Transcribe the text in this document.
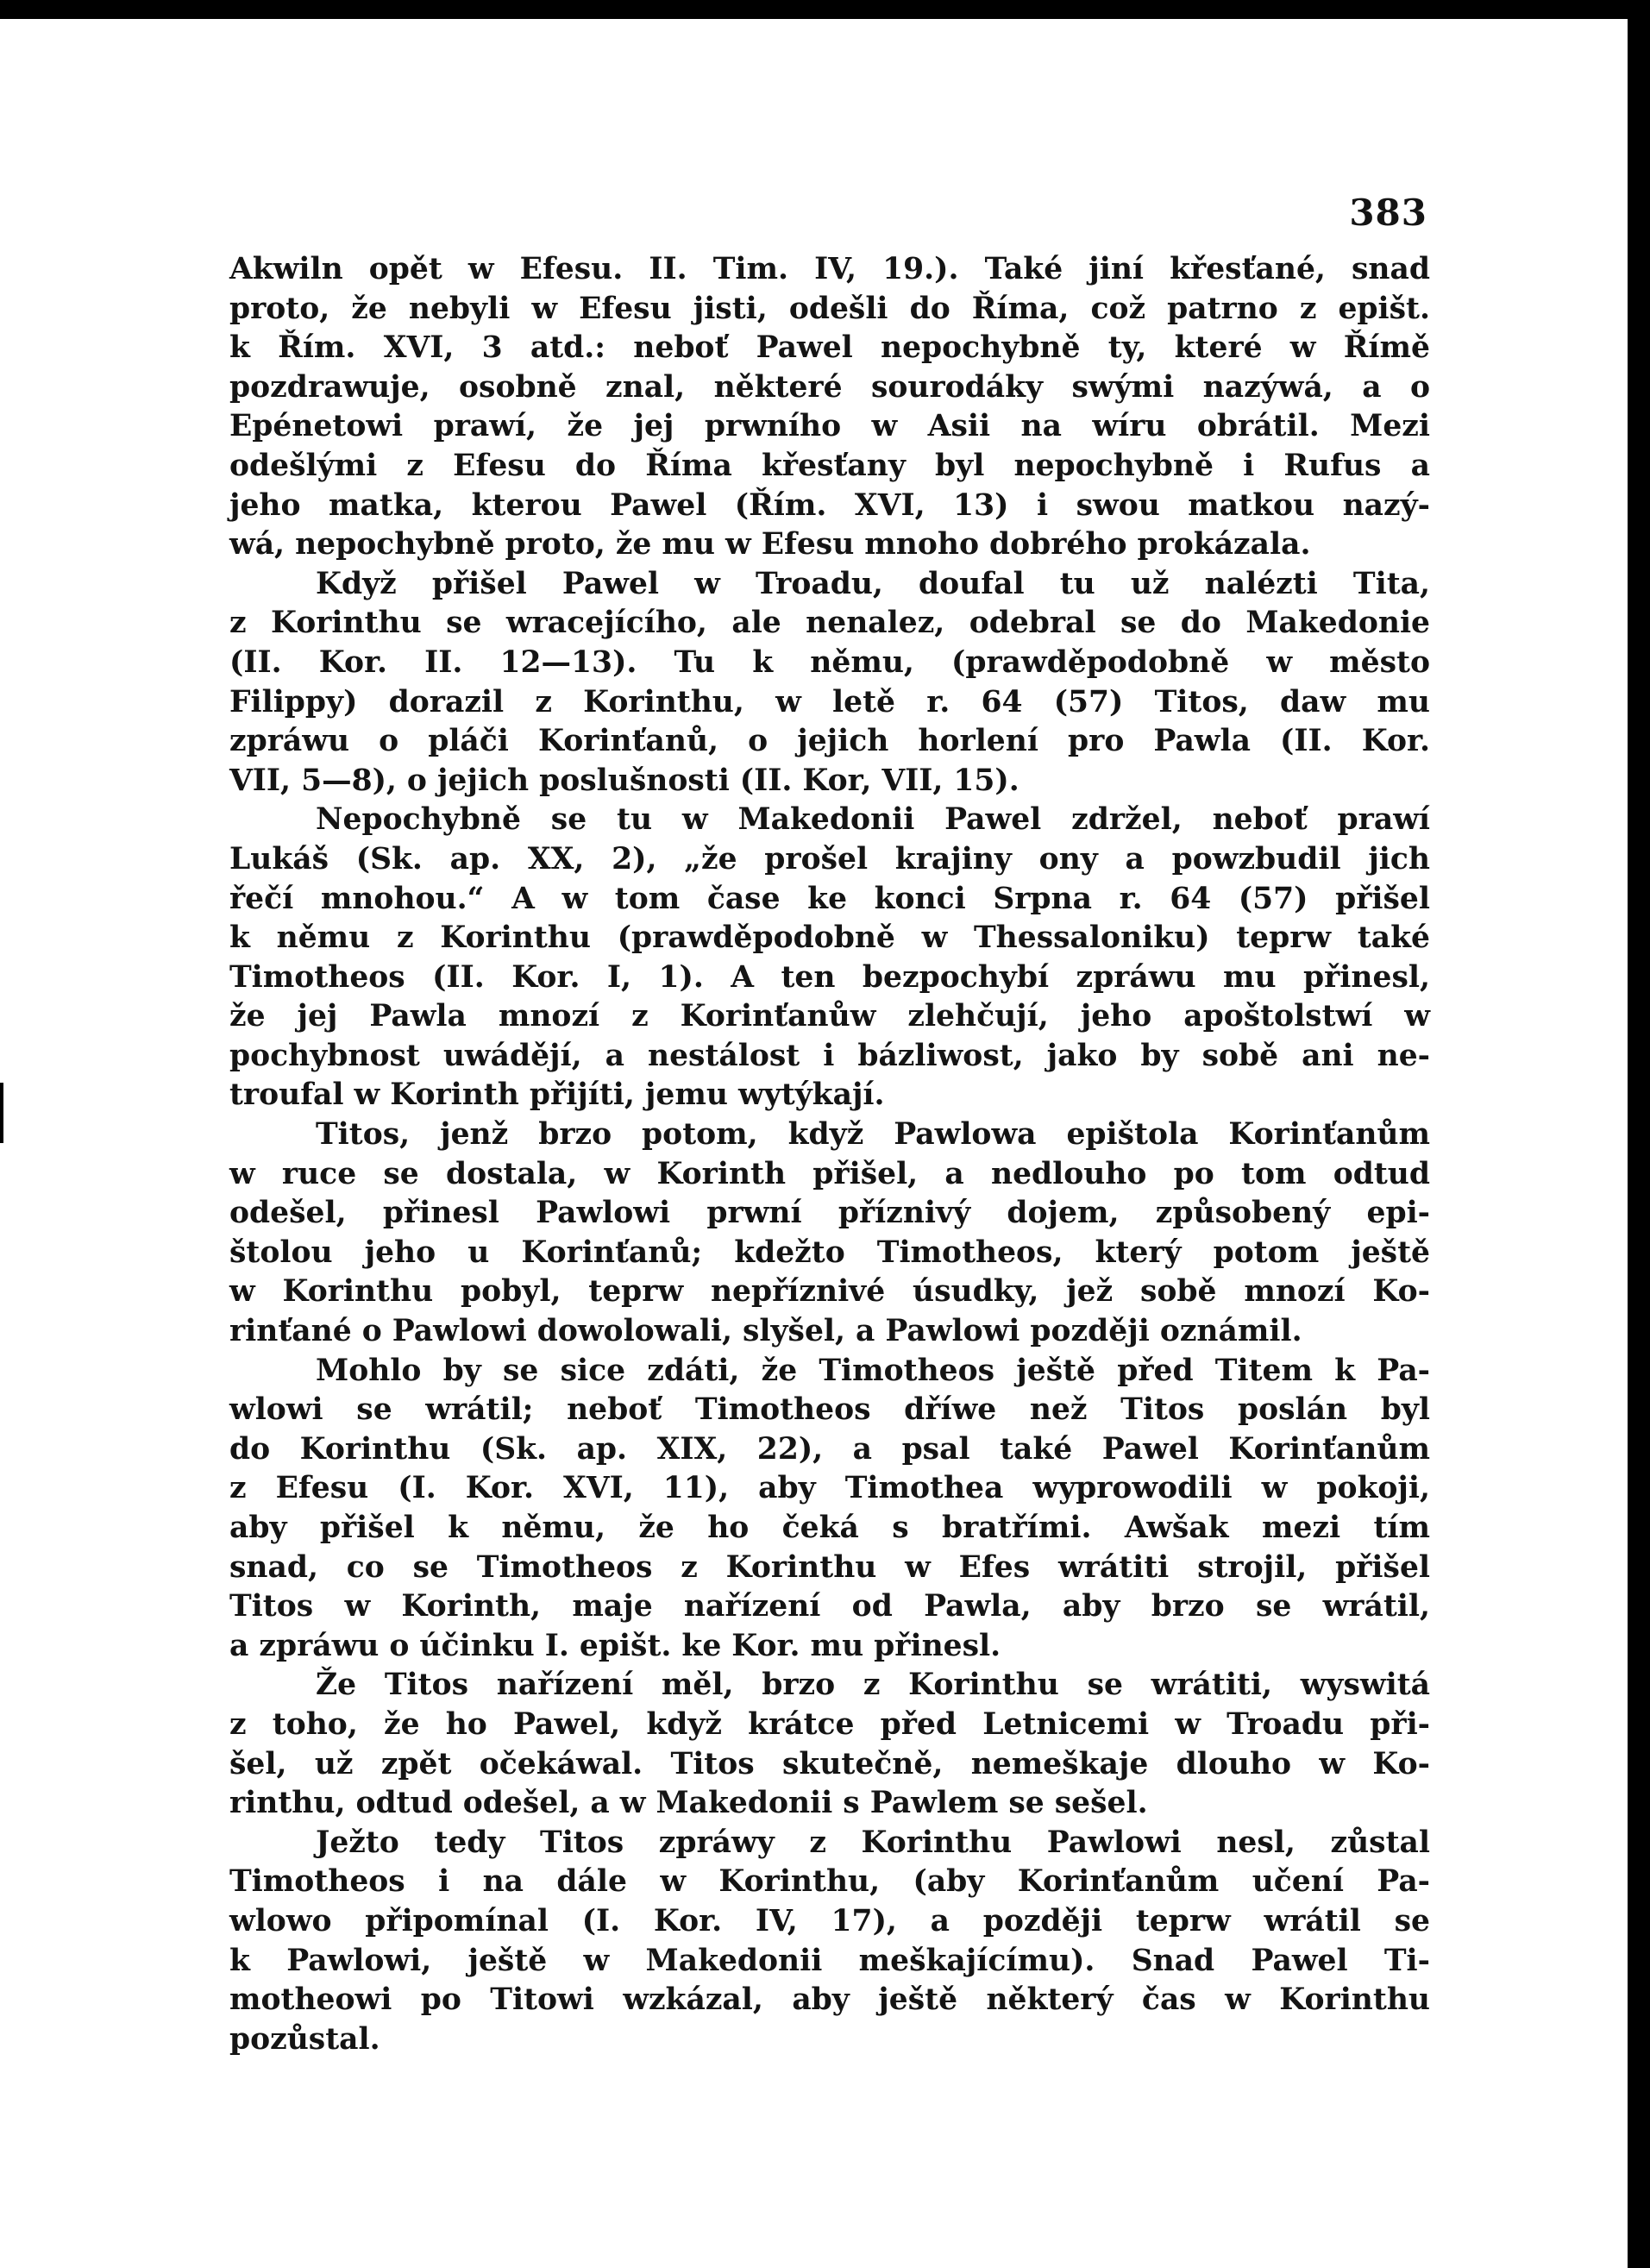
383
Akwiln opět w Efesu. II. Tim. IV, 19.). Také jiní křesťané, snad
proto, že nebyli w Efesu jisti, odešli do Říma, což patrno z epišt.
k Řím. XVI, 3 atd.: neboť Pawel nepochybně ty, které w Římě
pozdrawuje, osobně znal, některé sourodáky swými nazýwá, a o
Epénetowi prawí, že jej prwního w Asii na wíru obrátil. Mezi
odešlými z Efesu do Říma křesťany byl nepochybně i Rufus a
jeho matka, kterou Pawel (Řím. XVI, 13) i swou matkou nazý-
wá, nepochybně proto, že mu w Efesu mnoho dobrého prokázala.
Když přišel Pawel w Troadu, doufal tu už nalézti Tita,
z Korinthu se wracejícího, ale nenalez, odebral se do Makedonie
(II. Kor. II. 12—13). Tu k němu, (prawděpodobně w město
Filippy) dorazil z Korinthu, w letě r. 64 (57) Titos, daw mu
zpráwu o pláči Korinťanů, o jejich horlení pro Pawla (II. Kor.
VII, 5—8), o jejich poslušnosti (II. Kor, VII, 15).
Nepochybně se tu w Makedonii Pawel zdržel, neboť prawí
Lukáš (Sk. ap. XX, 2), „že prošel krajiny ony a powzbudil jich
řečí mnohou.“ A w tom čase ke konci Srpna r. 64 (57) přišel
k němu z Korinthu (prawděpodobně w Thessaloniku) teprw také
Timotheos (II. Kor. I, 1). A ten bezpochybí zpráwu mu přinesl,
že jej Pawla mnozí z Korinťanůw zlehčují, jeho apoštolstwí w
pochybnost uwádějí, a nestálost i bázliwost, jako by sobě ani ne-
troufal w Korinth přijíti, jemu wytýkají.
Titos, jenž brzo potom, když Pawlowa epištola Korinťanům
w ruce se dostala, w Korinth přišel, a nedlouho po tom odtud
odešel, přinesl Pawlowi prwní příznivý dojem, způsobený epi-
štolou jeho u Korinťanů; kdežto Timotheos, který potom ještě
w Korinthu pobyl, teprw nepříznivé úsudky, jež sobě mnozí Ko-
rinťané o Pawlowi dowolowali, slyšel, a Pawlowi později oznámil.
Mohlo by se sice zdáti, že Timotheos ještě před Titem k Pa-
wlowi se wrátil; neboť Timotheos dříwe než Titos poslán byl
do Korinthu (Sk. ap. XIX, 22), a psal také Pawel Korinťanům
z Efesu (I. Kor. XVI, 11), aby Timothea wyprowodili w pokoji,
aby přišel k němu, že ho čeká s bratřími. Awšak mezi tím
snad, co se Timotheos z Korinthu w Efes wrátiti strojil, přišel
Titos w Korinth, maje nařízení od Pawla, aby brzo se wrátil,
a zpráwu o účinku I. epišt. ke Kor. mu přinesl.
Že Titos nařízení měl, brzo z Korinthu se wrátiti, wyswitá
z toho, že ho Pawel, když krátce před Letnicemi w Troadu při-
šel, už zpět očekáwal. Titos skutečně, nemeškaje dlouho w Ko-
rinthu, odtud odešel, a w Makedonii s Pawlem se sešel.
Ježto tedy Titos zpráwy z Korinthu Pawlowi nesl, zůstal
Timotheos i na dále w Korinthu, (aby Korinťanům učení Pa-
wlowo připomínal (I. Kor. IV, 17), a později teprw wrátil se
k Pawlowi, ještě w Makedonii meškajícímu). Snad Pawel Ti-
motheowi po Titowi wzkázal, aby ještě některý čas w Korinthu
pozůstal.
